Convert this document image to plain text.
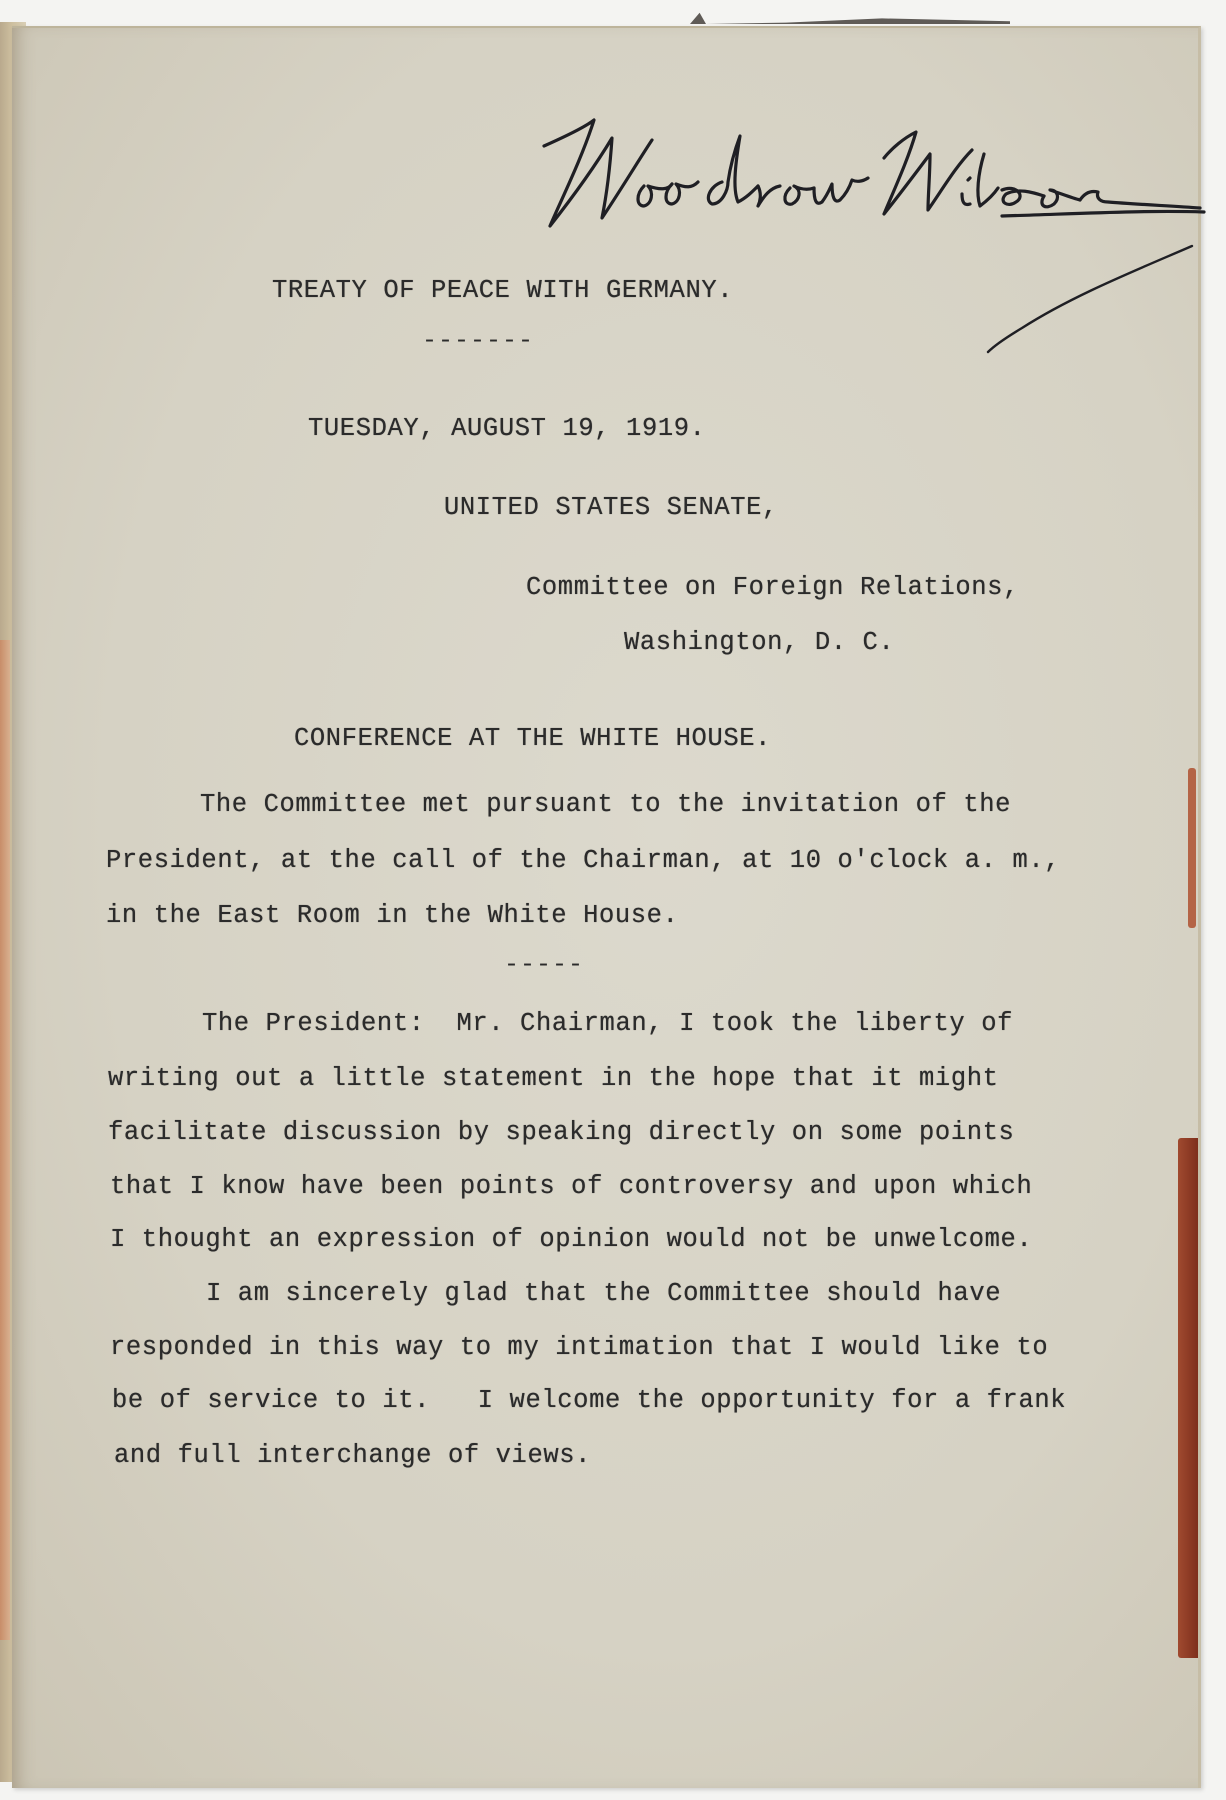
TREATY OF PEACE WITH GERMANY.
-------
TUESDAY, AUGUST 19, 1919.
UNITED STATES SENATE,
Committee on Foreign Relations,
Washington, D. C.
CONFERENCE AT THE WHITE HOUSE.
The Committee met pursuant to the invitation of the
President, at the call of the Chairman, at 10 o'clock a. m.,
in the East Room in the White House.
-----
The President:  Mr. Chairman, I took the liberty of
writing out a little statement in the hope that it might
facilitate discussion by speaking directly on some points
that I know have been points of controversy and upon which
I thought an expression of opinion would not be unwelcome.
I am sincerely glad that the Committee should have
responded in this way to my intimation that I would like to
be of service to it.   I welcome the opportunity for a frank
and full interchange of views.
